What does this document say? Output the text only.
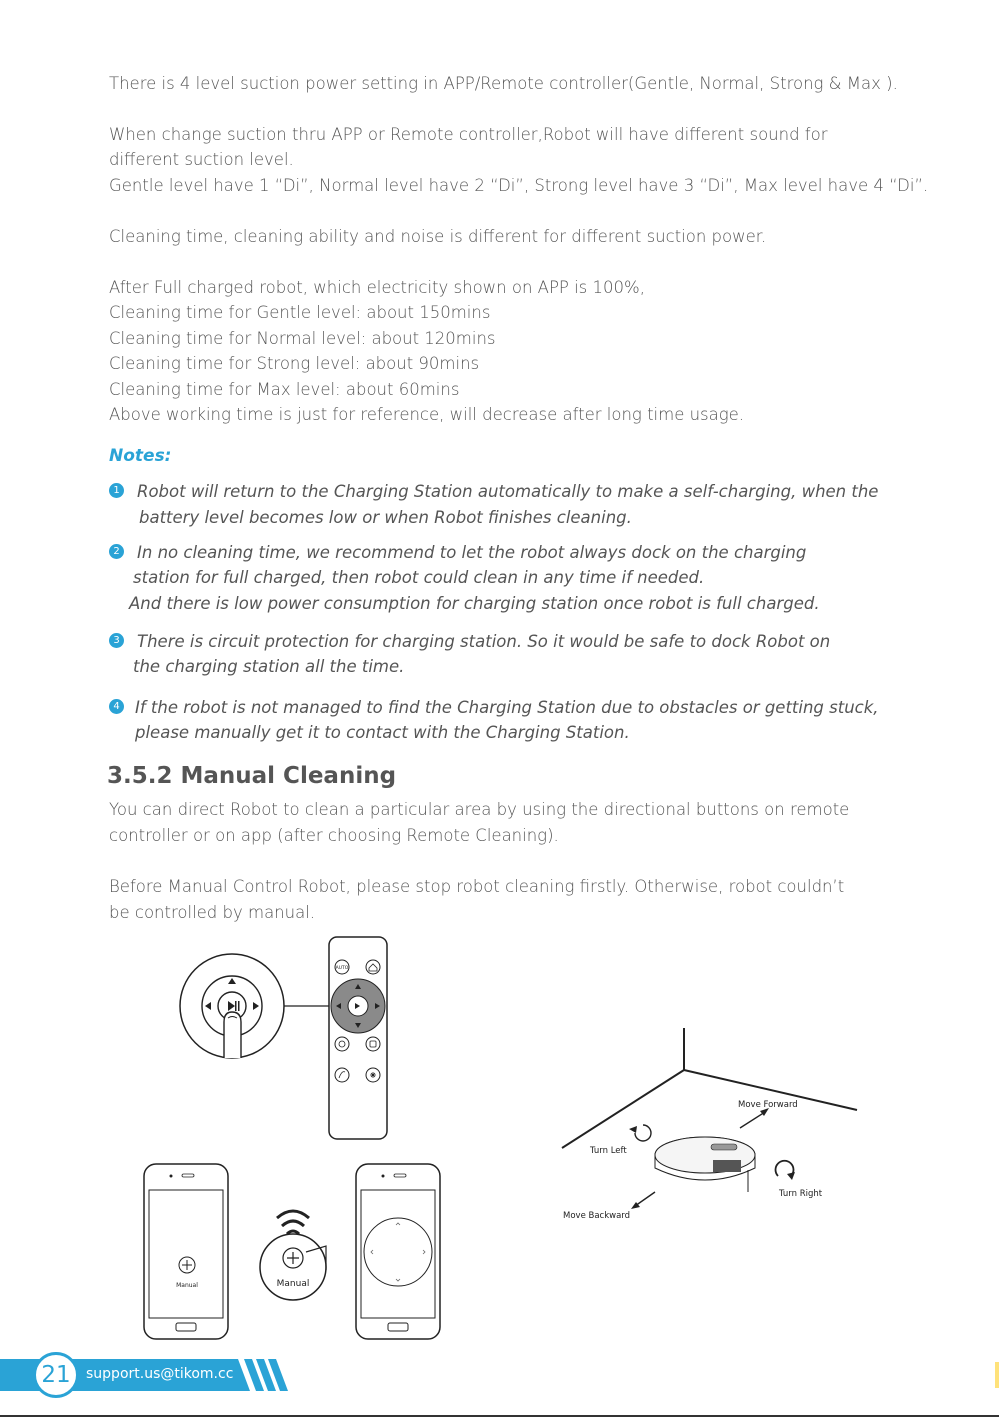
There is 4 level suction power setting in APP/Remote controller(Gentle, Normal, Strong & Max ).
When change suction thru APP or Remote controller,Robot will have different sound for
different suction level.
Gentle level have 1 “Di”, Normal level have 2 “Di”, Strong level have 3 “Di”, Max level have 4 “Di”.
Cleaning time, cleaning ability and noise is different for different suction power.
After Full charged robot, which electricity shown on APP is 100%,
Cleaning time for Gentle level: about 150mins
Cleaning time for Normal level: about 120mins
Cleaning time for Strong level: about 90mins
Cleaning time for Max level: about 60mins
Above working time is just for reference, will decrease after long time usage.
Notes:
1 Robot will return to the Charging Station automatically to make a self-charging, when the
battery level becomes low or when Robot finishes cleaning.
2 In no cleaning time, we recommend to let the robot always dock on the charging
station for full charged, then robot could clean in any time if needed.
And there is low power consumption for charging station once robot is full charged.
3 There is circuit protection for charging station. So it would be safe to dock Robot on
the charging station all the time.
4 If the robot is not managed to find the Charging Station due to obstacles or getting stuck,
please manually get it to contact with the Charging Station.
3.5.2 Manual Cleaning
You can direct Robot to clean a particular area by using the directional buttons on remote
controller or on app (after choosing Remote Cleaning).
Before Manual Control Robot, please stop robot cleaning firstly. Otherwise, robot couldn’t
be controlled by manual.
AUTO
Manual	Manual
Move Forward
Turn Left
Turn Right
Move Backward
21	support.us@tikom.cc
